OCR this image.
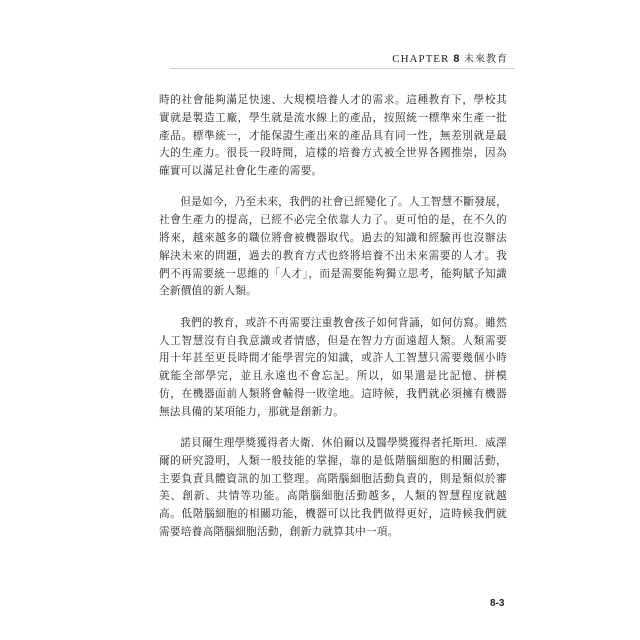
CHAPTER 8 未來教育

時的社會能夠滿足快速、大規模培養人才的需求。這種教育下，學校其實就是製造工廠，學生就是流水線上的產品，按照統一標準來生產一批產品。標準統一，才能保證生產出來的產品具有同一性，無差別就是最大的生產力。很長一段時間，這樣的培養方式被全世界各國推崇，因為確實可以滿足社會化生產的需要。

但是如今，乃至未來，我們的社會已經變化了。人工智慧不斷發展，社會生產力的提高，已經不必完全依靠人力了。更可怕的是，在不久的將來，越來越多的職位將會被機器取代。過去的知識和經驗再也沒辦法解決未來的問題，過去的教育方式也終將培養不出未來需要的人才。我們不再需要統一思維的「人才」，而是需要能夠獨立思考，能夠賦予知識全新價值的新人類。

我們的教育，或許不再需要注重教會孩子如何背誦，如何仿寫。雖然人工智慧沒有自我意識或者情感，但是在智力方面遠超人類。人類需要用十年甚至更長時間才能學習完的知識，或許人工智慧只需要幾個小時就能全部學完，並且永遠也不會忘記。所以，如果還是比記憶、拼模仿，在機器面前人類將會輸得一敗塗地。這時候，我們就必須擁有機器無法具備的某項能力，那就是創新力。

諾貝爾生理學獎獲得者大衛．休伯爾以及醫學獎獲得者托斯坦．威澤爾的研究證明，人類一般技能的掌握，靠的是低階腦細胞的相關活動，主要負責具體資訊的加工整理。高階腦細胞活動負責的，則是類似於審美、創新、共情等功能。高階腦細胞活動越多，人類的智慧程度就越高。低階腦細胞的相關功能，機器可以比我們做得更好，這時候我們就需要培養高階腦細胞活動，創新力就算其中一項。

8-3
